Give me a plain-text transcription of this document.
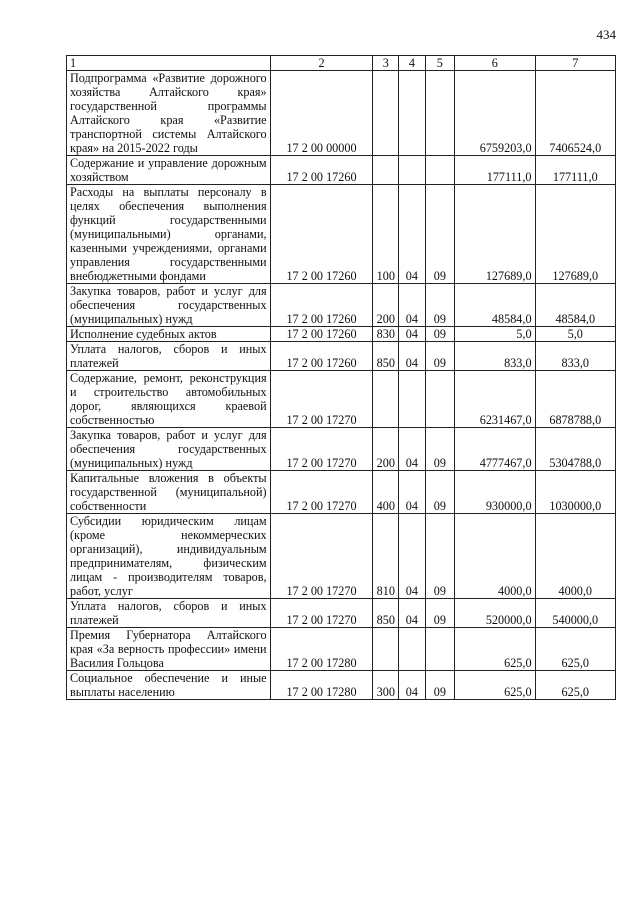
434
1	2	3	4	5	6	7
Подпрограмма «Развитие дорожного хозяйства Алтайского края» государственной программы Алтайского края «Развитие транспортной системы Алтайского края» на 2015-2022 годы	17 2 00 00000				6759203,0	7406524,0
Содержание и управление дорожным хозяйством	17 2 00 17260				177111,0	177111,0
Расходы на выплаты персоналу в целях обеспечения выполнения функций государственными (муниципальными) органами, казенными учреждениями, органами управления государственными внебюджетными фондами	17 2 00 17260	100	04	09	127689,0	127689,0
Закупка товаров, работ и услуг для обеспечения государственных (муниципальных) нужд	17 2 00 17260	200	04	09	48584,0	48584,0
Исполнение судебных актов	17 2 00 17260	830	04	09	5,0	5,0
Уплата налогов, сборов и иных платежей	17 2 00 17260	850	04	09	833,0	833,0
Содержание, ремонт, реконструкция и строительство автомобильных дорог, являющихся краевой собственностью	17 2 00 17270				6231467,0	6878788,0
Закупка товаров, работ и услуг для обеспечения государственных (муниципальных) нужд	17 2 00 17270	200	04	09	4777467,0	5304788,0
Капитальные вложения в объекты государственной (муниципальной) собственности	17 2 00 17270	400	04	09	930000,0	1030000,0
Субсидии юридическим лицам (кроме некоммерческих организаций), индивидуальным предпринимателям, физическим лицам - производителям товаров, работ, услуг	17 2 00 17270	810	04	09	4000,0	4000,0
Уплата налогов, сборов и иных платежей	17 2 00 17270	850	04	09	520000,0	540000,0
Премия Губернатора Алтайского края «За верность профессии» имени Василия Гольцова	17 2 00 17280				625,0	625,0
Социальное обеспечение и иные выплаты населению	17 2 00 17280	300	04	09	625,0	625,0
